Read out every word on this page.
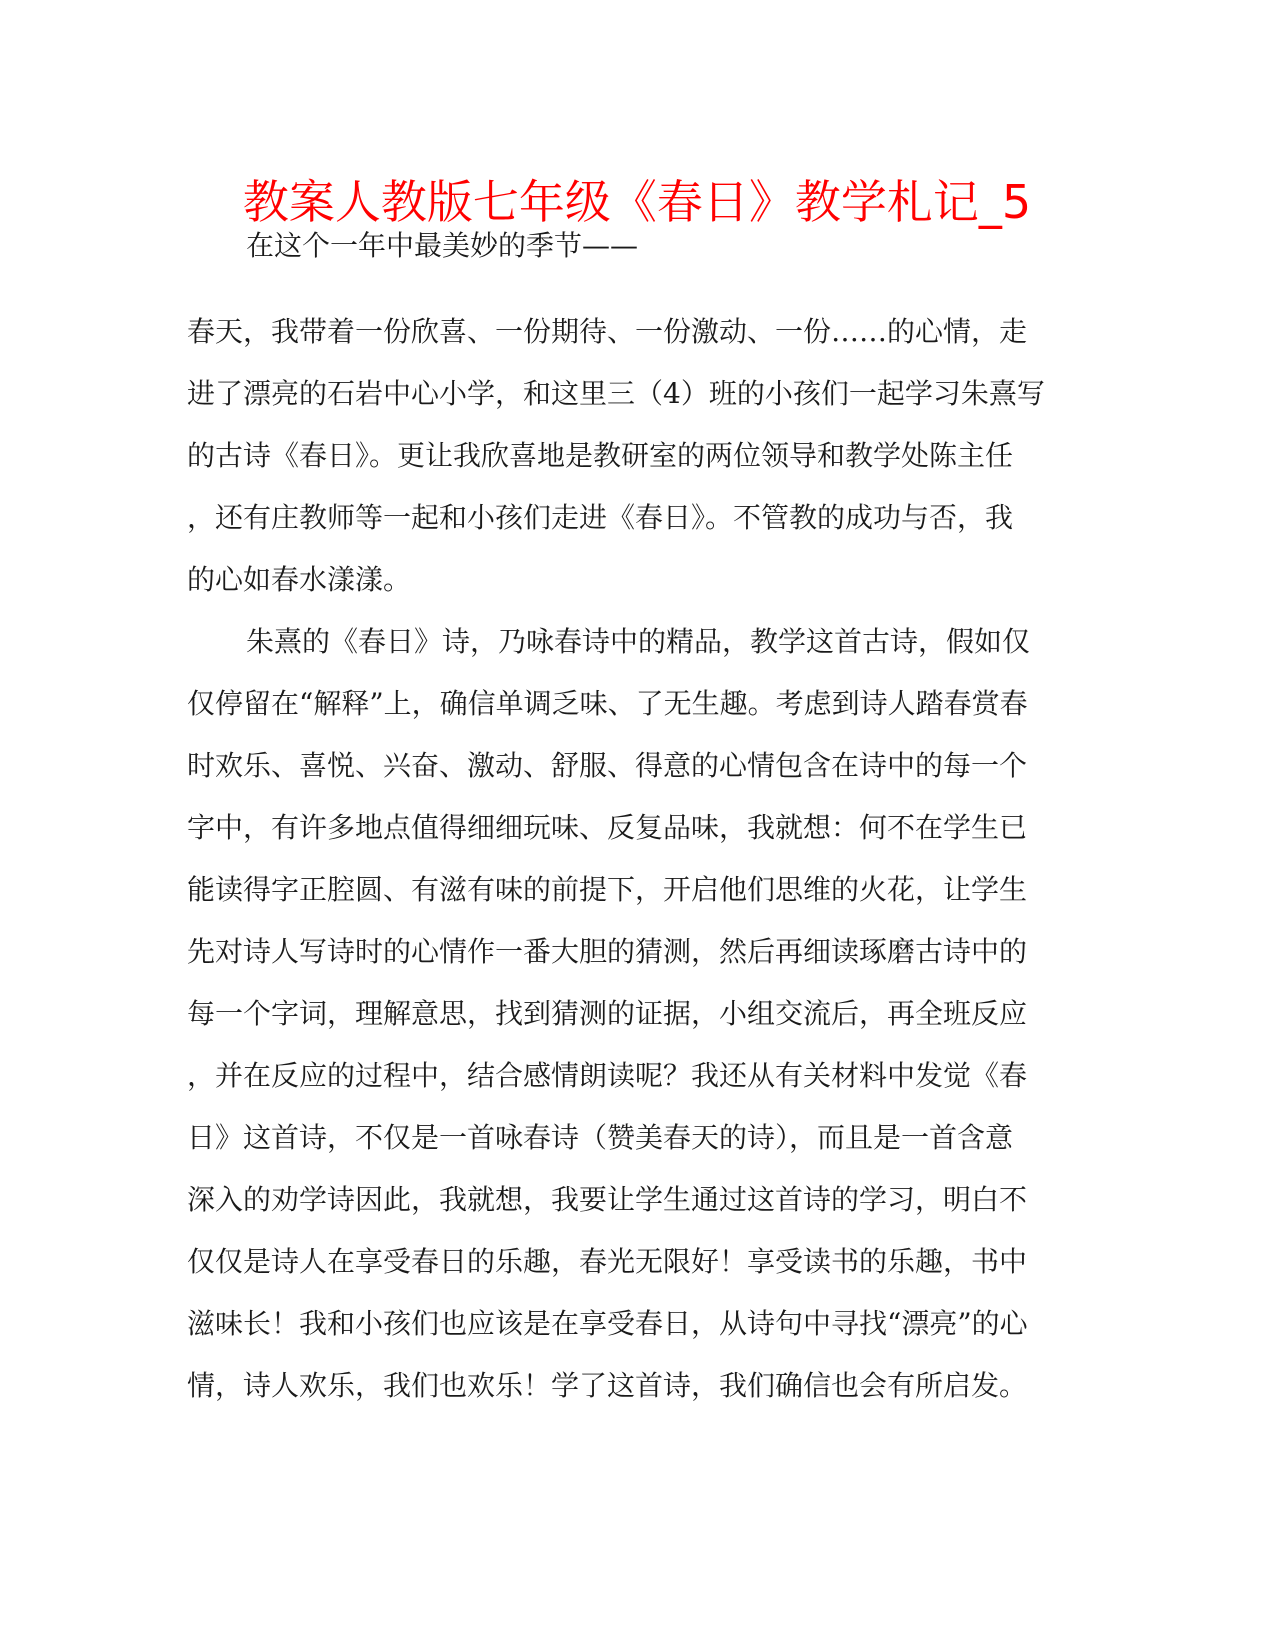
教案人教版七年级《春日》教学札记_5

在这个一年中最美妙的季节——

春天，我带着一份欣喜、一份期待、一份激动、一份……的心情，走

进了漂亮的石岩中心小学，和这里三（4）班的小孩们一起学习朱熹写

的古诗《春日》。更让我欣喜地是教研室的两位领导和教学处陈主任

，还有庄教师等一起和小孩们走进《春日》。不管教的成功与否，我

的心如春水漾漾。

朱熹的《春日》诗，乃咏春诗中的精品，教学这首古诗，假如仅

仅停留在“解释”上，确信单调乏味、了无生趣。考虑到诗人踏春赏春

时欢乐、喜悦、兴奋、激动、舒服、得意的心情包含在诗中的每一个

字中，有许多地点值得细细玩味、反复品味，我就想：何不在学生已

能读得字正腔圆、有滋有味的前提下，开启他们思维的火花，让学生

先对诗人写诗时的心情作一番大胆的猜测，然后再细读琢磨古诗中的

每一个字词，理解意思，找到猜测的证据，小组交流后，再全班反应

，并在反应的过程中，结合感情朗读呢？我还从有关材料中发觉《春

日》这首诗，不仅是一首咏春诗（赞美春天的诗），而且是一首含意

深入的劝学诗因此，我就想，我要让学生通过这首诗的学习，明白不

仅仅是诗人在享受春日的乐趣，春光无限好！享受读书的乐趣，书中

滋味长！我和小孩们也应该是在享受春日，从诗句中寻找“漂亮”的心

情，诗人欢乐，我们也欢乐！学了这首诗，我们确信也会有所启发。
